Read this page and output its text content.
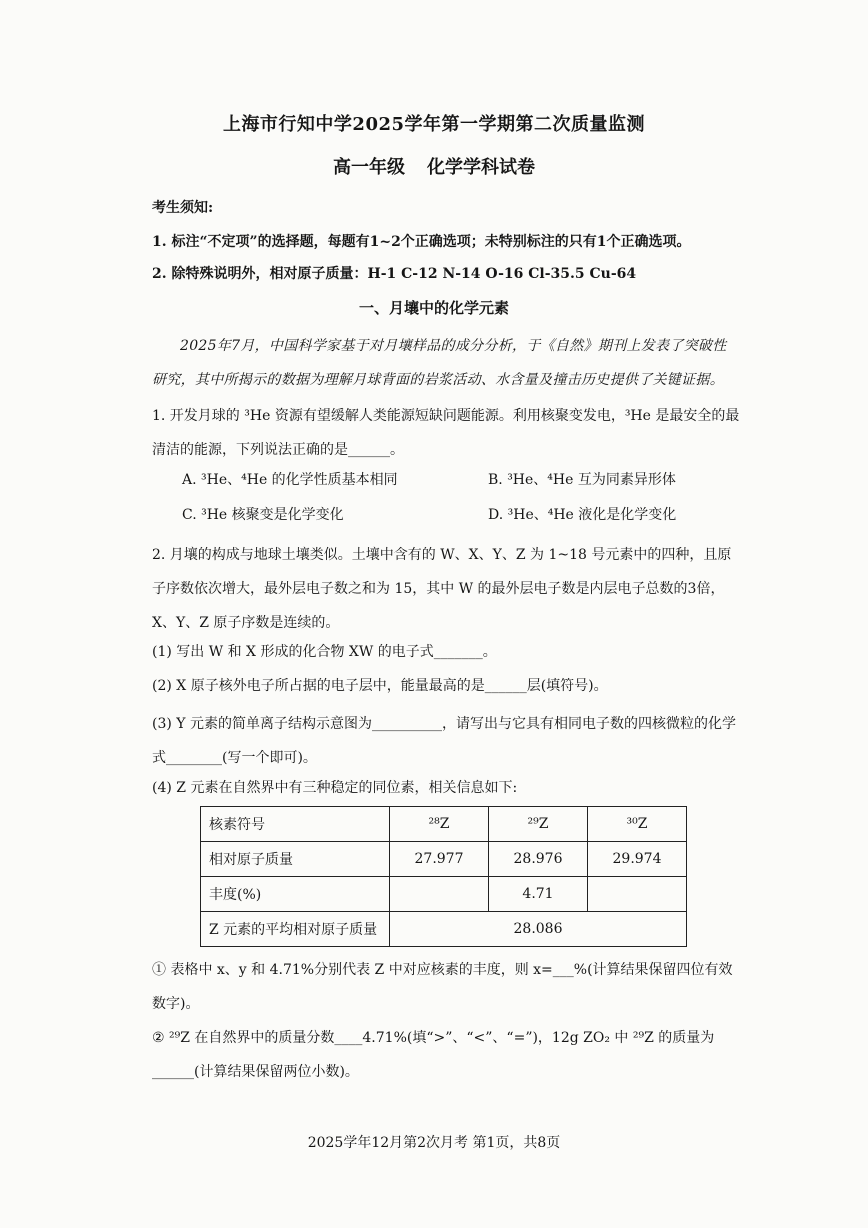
上海市行知中学2025学年第一学期第二次质量监测
高一年级 化学学科试卷
考生须知:
1. 标注“不定项”的选择题，每题有1~2个正确选项；未特别标注的只有1个正确选项。
2. 除特殊说明外，相对原子质量：H-1 C-12 N-14 O-16 Cl-35.5 Cu-64
一、月壤中的化学元素
2025年7月，中国科学家基于对月壤样品的成分分析，于《自然》期刊上发表了突破性研究，其中所揭示的数据为理解月球背面的岩浆活动、水含量及撞击历史提供了关键证据。
1. 开发月球的 ³He 资源有望缓解人类能源短缺问题能源。利用核聚变发电，³He 是最安全的最清洁的能源，下列说法正确的是______。
A. ³He、⁴He 的化学性质基本相同	B. ³He、⁴He 互为同素异形体
C. ³He 核聚变是化学变化	D. ³He、⁴He 液化是化学变化
2. 月壤的构成与地球土壤类似。土壤中含有的 W、X、Y、Z 为 1~18 号元素中的四种，且原子序数依次增大，最外层电子数之和为 15，其中 W 的最外层电子数是内层电子总数的3倍，X、Y、Z 原子序数是连续的。
(1) 写出 W 和 X 形成的化合物 XW 的电子式_______。
(2) X 原子核外电子所占据的电子层中，能量最高的是______层(填符号)。
(3) Y 元素的简单离子结构示意图为__________，请写出与它具有相同电子数的四核微粒的化学式________(写一个即可)。
(4) Z 元素在自然界中有三种稳定的同位素，相关信息如下:
核素符号	²⁸Z	²⁹Z	³⁰Z
相对原子质量	27.977	28.976	29.974
丰度(%)		4.71	
Z 元素的平均相对原子质量	28.086		
① 表格中 x、y 和 4.71%分别代表 Z 中对应核素的丰度，则 x=___%(计算结果保留四位有效数字)。
② ²⁹Z 在自然界中的质量分数____4.71%(填“>”、“<”、“=”)，12g ZO₂ 中 ²⁹Z 的质量为______(计算结果保留两位小数)。
2025学年12月第2次月考 第1页，共8页
